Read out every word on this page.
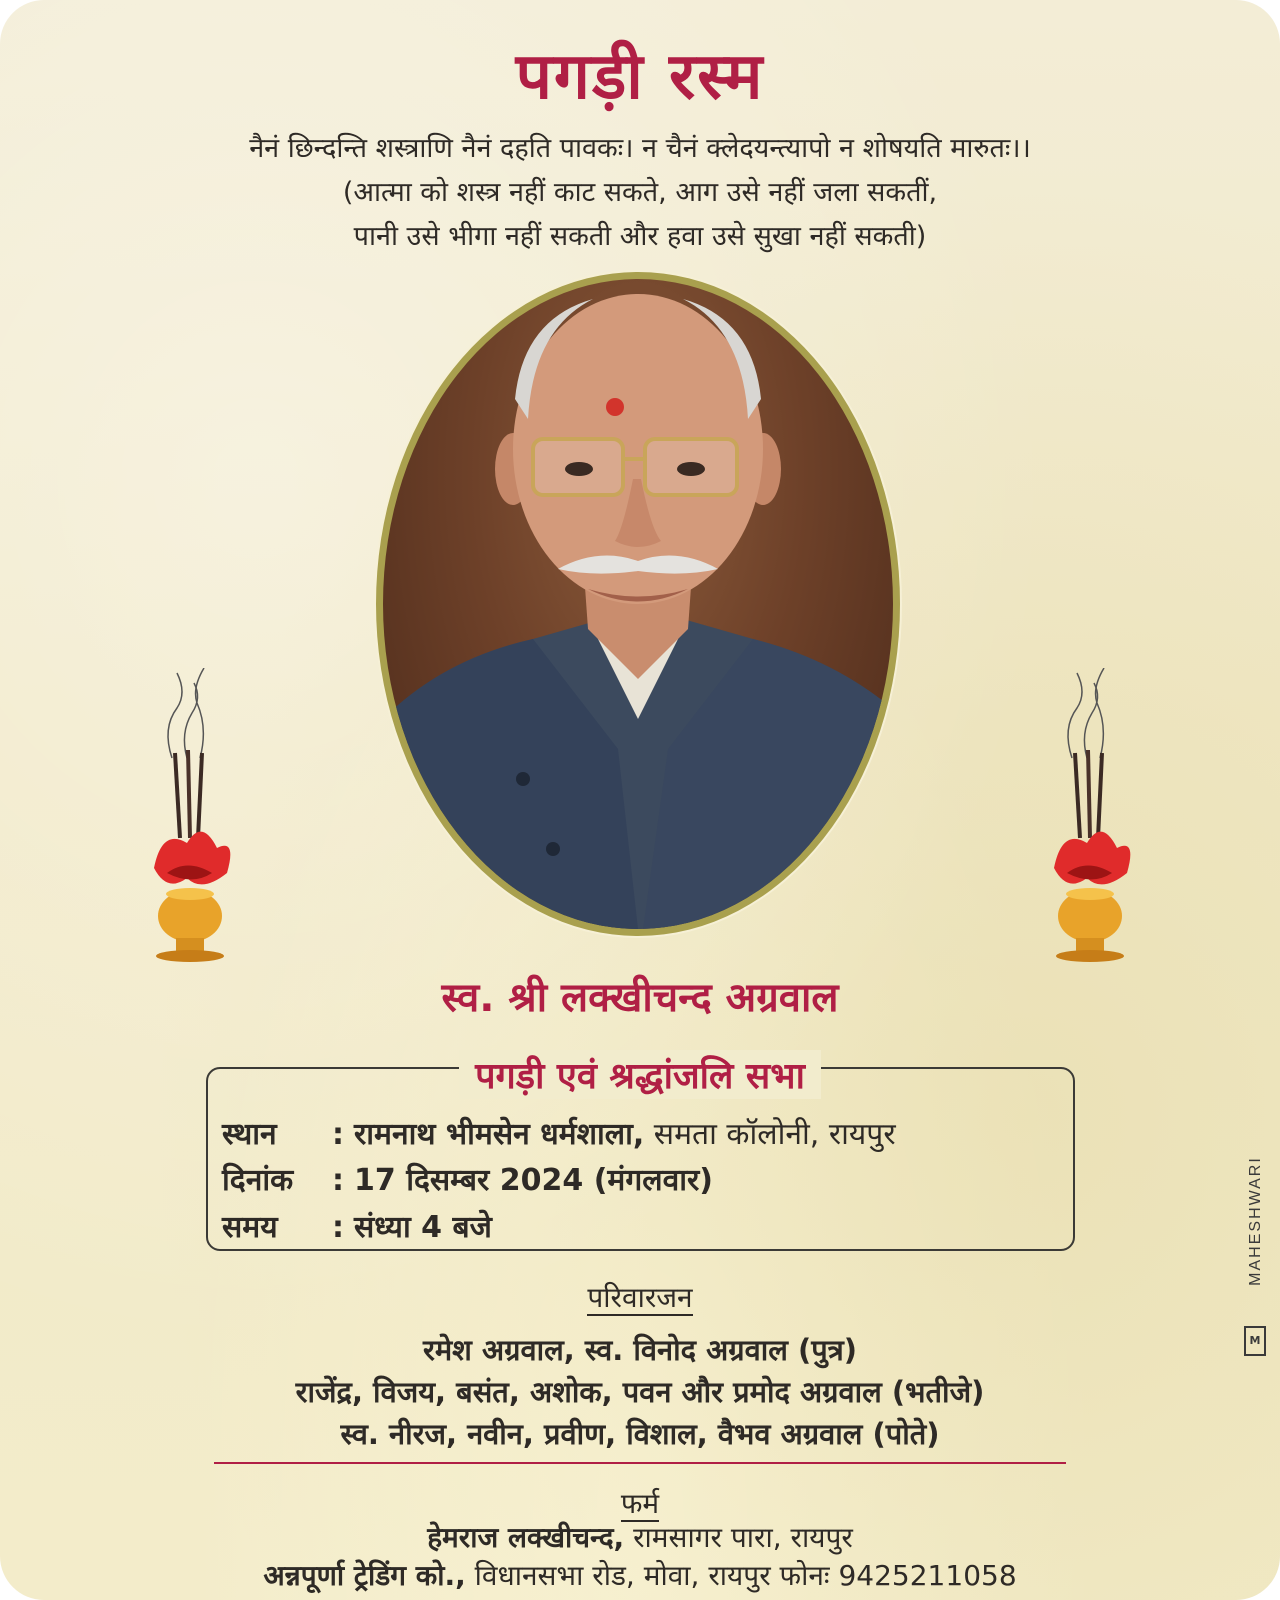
पगड़ी रस्म
नैनं छिन्दन्ति शस्त्राणि नैनं दहति पावकः। न चैनं क्लेदयन्त्यापो न शोषयति मारुतः।।
(आत्मा को शस्त्र नहीं काट सकते, आग उसे नहीं जला सकतीं,
पानी उसे भीगा नहीं सकती और हवा उसे सुखा नहीं सकती)
स्व. श्री लक्खीचन्द अग्रवाल
पगड़ी एवं श्रद्धांजलि सभा
स्थान : रामनाथ भीमसेन धर्मशाला, समता कॉलोनी, रायपुर
दिनांक : 17 दिसम्बर 2024 (मंगलवार)
समय : संध्या 4 बजे
परिवारजन
रमेश अग्रवाल, स्व. विनोद अग्रवाल (पुत्र)
राजेंद्र, विजय, बसंत, अशोक, पवन और प्रमोद अग्रवाल (भतीजे)
स्व. नीरज, नवीन, प्रवीण, विशाल, वैभव अग्रवाल (पोते)
फर्म
हेमराज लक्खीचन्द, रामसागर पारा, रायपुर
अन्नपूर्णा ट्रेडिंग को., विधानसभा रोड, मोवा, रायपुर फोनः 9425211058
MAHESHWARI
M
